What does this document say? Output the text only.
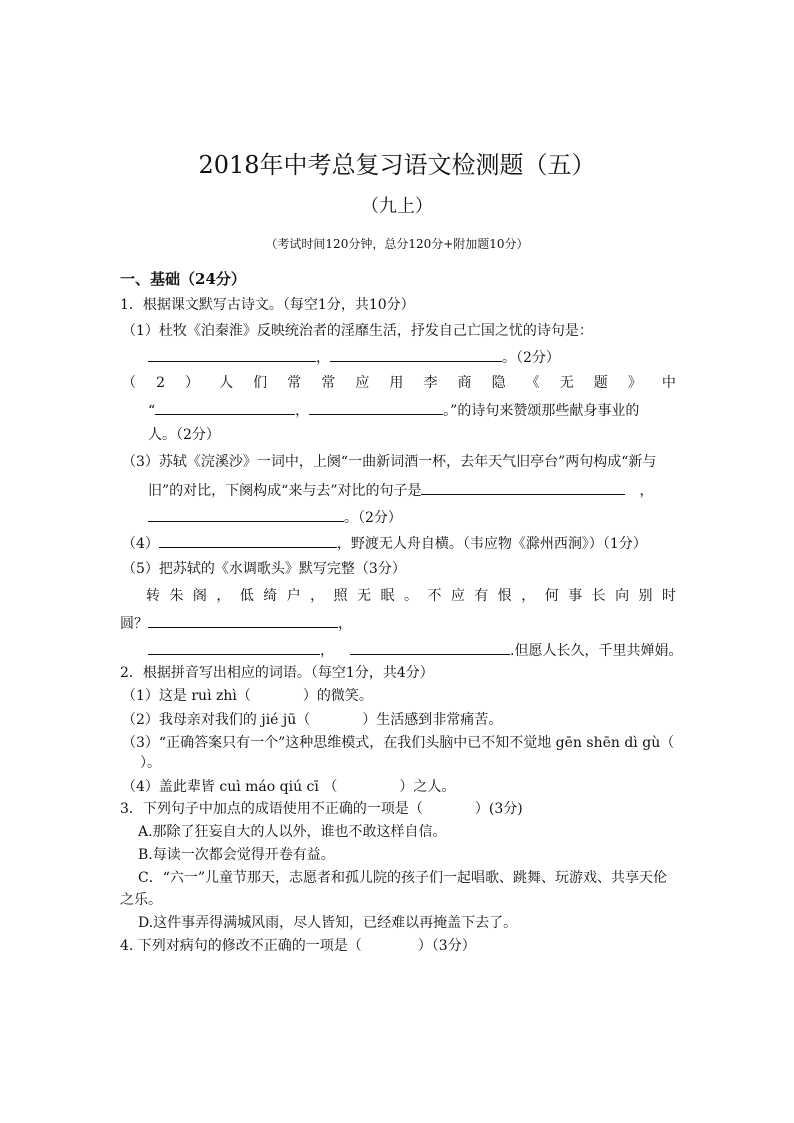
2018年中考总复习语文检测题（五）
（九上）
（考试时间120分钟，总分120分+附加题10分）
一、基础（24分）
1．根据课文默写古诗文。（每空1分，共10分）
（1）杜牧《泊秦淮》反映统治者的淫靡生活，抒发自己亡国之忧的诗句是：
，	。（2分）
（ 2 ） 人 们 常 常 应 用 李 商 隐 《 无 题 》 中
“	，	。”的诗句来赞颂那些献身事业的
人。（2分）
（3）苏轼《浣溪沙》一词中，上阕“一曲新词酒一杯，去年天气旧亭台”两句构成“新与
旧”的对比，下阕构成“来与去”对比的句子是	，
。（2分）
（4）	，野渡无人舟自横。（韦应物《滁州西涧》）（1分）
（5）把苏轼的《水调歌头》默写完整（3分）
转 朱 阁 ， 低 绮 户 ， 照 无 眠 。 不 应 有 恨 ， 何 事 长 向 别 时
圆？	，
，	.但愿人长久，千里共婵娟。
2．根据拼音写出相应的词语。（每空1分，共4分）
（1）这是 ruì zhì（	）的微笑。
（2）我母亲对我们的 jié jū（	）生活感到非常痛苦。
（3）“正确答案只有一个”这种思维模式，在我们头脑中已不知不觉地 gēn shēn dì gù（
）。
（4）盖此辈皆 cuì máo qiú cī （	）之人。
3．下列句子中加点的成语使用不正确的一项是（	）(3分)
A.那除了狂妄自大的人以外，谁也不敢这样自信。
B.每读一次都会觉得开卷有益。
C．“六一”儿童节那天，志愿者和孤儿院的孩子们一起唱歌、跳舞、玩游戏、共享天伦
之乐。
D.这件事弄得满城风雨，尽人皆知，已经难以再掩盖下去了。
4. 下列对病句的修改不正确的一项是（	）（3分）
